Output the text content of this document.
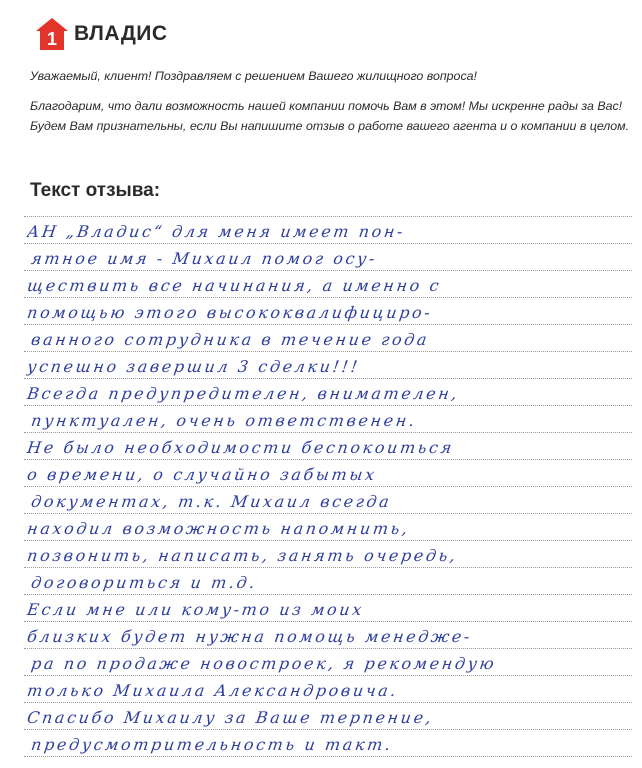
1 ВЛАДИС

Уважаемый, клиент! Поздравляем с решением Вашего жилищного вопроса!

Благодарим, что дали возможность нашей компании помочь Вам в этом! Мы искренне рады за Вас! Будем Вам признательны, если Вы напишите отзыв о работе вашего агента и о компании в целом.

Текст отзыва:
АН „Владис“ для меня имеет пон-
ятное имя - Михаил помог осу-
ществить все начинания, а именно с
помощью этого высококвалифициро-
ванного сотрудника в течение года
успешно завершил 3 сделки!!!
Всегда предупредителен, внимателен,
пунктуален, очень ответственен.
Не было необходимости беспокоиться
о времени, о случайно забытых
документах, т.к. Михаил всегда
находил возможность напомнить,
позвонить, написать, занять очередь,
договориться и т.д.
Если мне или кому-то из моих
близких будет нужна помощь менедже-
ра по продаже новостроек, я рекомендую
только Михаила Александровича.
Спасибо Михаилу за Ваше терпение,
предусмотрительность и такт.
